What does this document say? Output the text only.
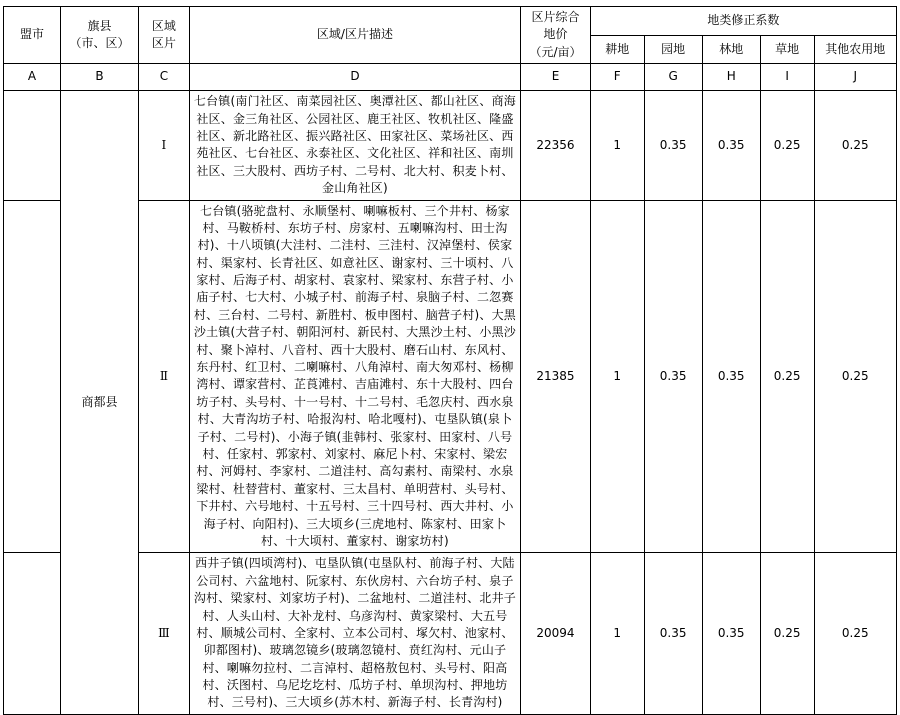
盟市	
旗县
（市、区）

区域
区片
	区域/区片描述	
区片综合
地价
（元/亩）
	地类修正系数
					耕地	园地	林地	草地	其他农用地
A	B	C	D	E	F	G	H	I	J
	商都县	Ⅰ	七台镇(南门社区、南菜园社区、奥潭社区、都山社区、商海社区、金三角社区、公园社区、鹿王社区、牧机社区、隆盛社区、新北路社区、振兴路社区、田家社区、菜场社区、西苑社区、七台社区、永泰社区、文化社区、祥和社区、南圳社区、三大股村、西坊子村、二号村、北大村、积麦卜村、金山角社区)	22356	1	0.35	0.35	0.25	0.25
		Ⅱ	七台镇(骆驼盘村、永顺堡村、喇嘛板村、三个井村、杨家村、马鞍桥村、东坊子村、房家村、五喇嘛沟村、田士沟村)、十八顷镇(大洼村、二洼村、三洼村、汉淖堡村、侯家村、渠家村、长青社区、如意社区、谢家村、三十顷村、八家村、后海子村、胡家村、袁家村、梁家村、东营子村、小庙子村、七大村、小城子村、前海子村、泉脑子村、二忽赛村、三台村、二号村、新胜村、板申图村、脑营子村)、大黑沙土镇(大营子村、朝阳河村、新民村、大黑沙土村、小黑沙村、聚卜淖村、八音村、西十大股村、磨石山村、东风村、东丹村、红卫村、二喇嘛村、八角淖村、南大匆邓村、杨柳湾村、谭家营村、芷莨滩村、吉庙滩村、东十大股村、四台坊子村、头号村、十一号村、十二号村、毛忽庆村、西水泉村、大青沟坊子村、哈报沟村、哈北嘎村)、屯垦队镇(泉卜子村、二号村)、小海子镇(韭韩村、张家村、田家村、八号村、任家村、郭家村、刘家村、麻尼卜村、宋家村、梁宏村、河姆村、李家村、二道洼村、高勾素村、南梁村、水泉梁村、杜替营村、董家村、三太昌村、单明营村、头号村、下井村、六号地村、十五号村、三十四号村、西大井村、小海子村、向阳村)、三大顷乡(三虎地村、陈家村、田家卜村、十大顷村、董家村、谢家坊村)	21385	1	0.35	0.35	0.25	0.25
		Ⅲ	西井子镇(四顷湾村)、屯垦队镇(屯垦队村、前海子村、大陆公司村、六盆地村、阮家村、东伙房村、六台坊子村、泉子沟村、梁家村、刘家坊子村)、二盆地村、二道洼村、北井子村、人头山村、大补龙村、乌彦沟村、黄家梁村、大五号村、顺城公司村、全家村、立本公司村、塚欠村、池家村、卯都图村)、玻璃忽镜乡(玻璃忽镜村、贲红沟村、元山子村、喇嘛勿拉村、二言淖村、超格敖包村、头号村、阳高村、沃图村、乌尼圪圪村、瓜坊子村、单坝沟村、押地坊村、三号村)、三大顷乡(苏木村、新海子村、长青沟村)	20094	1	0.35	0.35	0.25	0.25
